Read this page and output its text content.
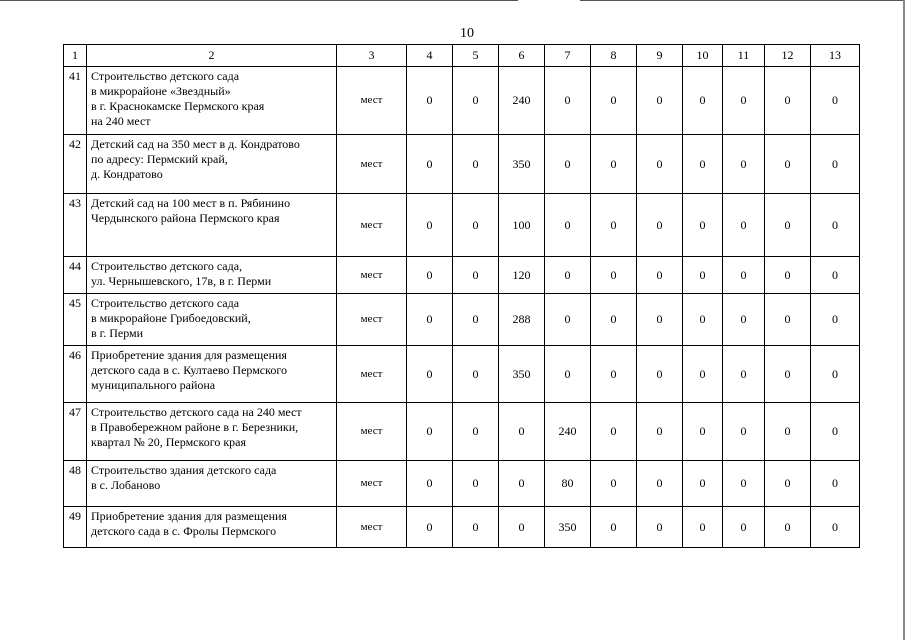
10
1	2	3	4	5	6	7	8	9	10	11	12	13
41	Строительство детского сада
в микрорайоне «Звездный»
в г. Краснокамске Пермского края
на 240 мест	мест	0	0	240	0	0	0	0	0	0	0
42	Детский сад на 350 мест в д. Кондратово
по адресу: Пермский край,
д. Кондратово	мест	0	0	350	0	0	0	0	0	0	0
43	Детский сад на 100 мест в п. Рябинино
Чердынского района Пермского края	мест	0	0	100	0	0	0	0	0	0	0
44	Строительство детского сада,
ул. Чернышевского, 17в, в г. Перми	мест	0	0	120	0	0	0	0	0	0	0
45	Строительство детского сада
в микрорайоне Грибоедовский,
в г. Перми	мест	0	0	288	0	0	0	0	0	0	0
46	Приобретение здания для размещения
детского сада в с. Култаево Пермского
муниципального района	мест	0	0	350	0	0	0	0	0	0	0
47	Строительство детского сада на 240 мест
в Правобережном районе в г. Березники,
квартал № 20, Пермского края	мест	0	0	0	240	0	0	0	0	0	0
48	Строительство здания детского сада
в с. Лобаново	мест	0	0	0	80	0	0	0	0	0	0
49	Приобретение здания для размещения
детского сада в с. Фролы Пермского	мест	0	0	0	350	0	0	0	0	0	0
